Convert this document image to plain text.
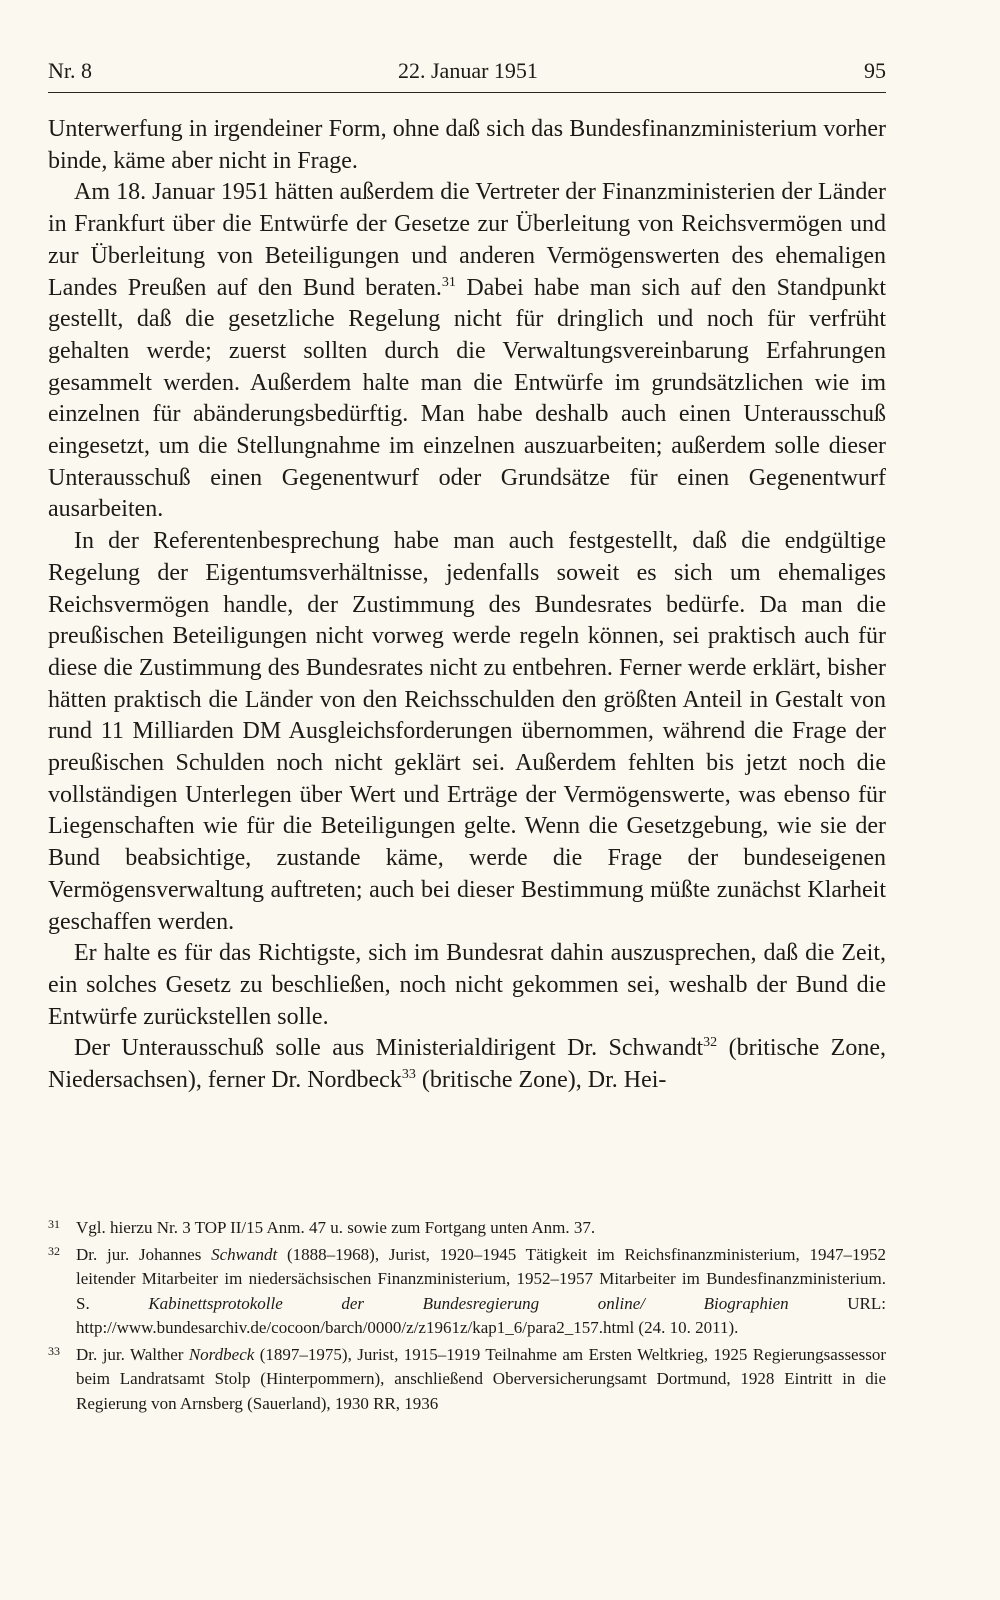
Nr. 8	22. Januar 1951	95

Unterwerfung in irgendeiner Form, ohne daß sich das Bundesfinanzministerium vorher binde, käme aber nicht in Frage.

Am 18. Januar 1951 hätten außerdem die Vertreter der Finanzministerien der Länder in Frankfurt über die Entwürfe der Gesetze zur Überleitung von Reichsvermögen und zur Überleitung von Beteiligungen und anderen Vermögenswerten des ehemaligen Landes Preußen auf den Bund beraten.$^{31}$ Dabei habe man sich auf den Standpunkt gestellt, daß die gesetzliche Regelung nicht für dringlich und noch für verfrüht gehalten werde; zuerst sollten durch die Verwaltungsvereinbarung Erfahrungen gesammelt werden. Außerdem halte man die Entwürfe im grundsätzlichen wie im einzelnen für abänderungsbedürftig. Man habe deshalb auch einen Unterausschuß eingesetzt, um die Stellungnahme im einzelnen auszuarbeiten; außerdem solle dieser Unterausschuß einen Gegenentwurf oder Grundsätze für einen Gegenentwurf ausarbeiten.

In der Referentenbesprechung habe man auch festgestellt, daß die endgültige Regelung der Eigentumsverhältnisse, jedenfalls soweit es sich um ehemaliges Reichsvermögen handle, der Zustimmung des Bundesrates bedürfe. Da man die preußischen Beteiligungen nicht vorweg werde regeln können, sei praktisch auch für diese die Zustimmung des Bundesrates nicht zu entbehren. Ferner werde erklärt, bisher hätten praktisch die Länder von den Reichsschulden den größten Anteil in Gestalt von rund 11 Milliarden DM Ausgleichsforderungen übernommen, während die Frage der preußischen Schulden noch nicht geklärt sei. Außerdem fehlten bis jetzt noch die vollständigen Unterlegen über Wert und Erträge der Vermögenswerte, was ebenso für Liegenschaften wie für die Beteiligungen gelte. Wenn die Gesetzgebung, wie sie der Bund beabsichtige, zustande käme, werde die Frage der bundeseigenen Vermögensverwaltung auftreten; auch bei dieser Bestimmung müßte zunächst Klarheit geschaffen werden.

Er halte es für das Richtigste, sich im Bundesrat dahin auszusprechen, daß die Zeit, ein solches Gesetz zu beschließen, noch nicht gekommen sei, weshalb der Bund die Entwürfe zurückstellen solle.

Der Unterausschuß solle aus Ministerialdirigent Dr. Schwandt$^{32}$ (britische Zone, Niedersachsen), ferner Dr. Nordbeck$^{33}$ (britische Zone), Dr. Hei-

31 Vgl. hierzu Nr. 3 TOP II/15 Anm. 47 u. sowie zum Fortgang unten Anm. 37.
32 Dr. jur. Johannes Schwandt (1888–1968), Jurist, 1920–1945 Tätigkeit im Reichsfinanzministerium, 1947–1952 leitender Mitarbeiter im niedersächsischen Finanzministerium, 1952–1957 Mitarbeiter im Bundesfinanzministerium. S. Kabinettsprotokolle der Bundesregierung online/ Biographien URL: http://www.bundesarchiv.de/cocoon/barch/0000/z/z1961z/kap1_6/para2_157.html (24. 10. 2011).
33 Dr. jur. Walther Nordbeck (1897–1975), Jurist, 1915–1919 Teilnahme am Ersten Weltkrieg, 1925 Regierungsassessor beim Landratsamt Stolp (Hinterpommern), anschließend Oberversicherungsamt Dortmund, 1928 Eintritt in die Regierung von Arnsberg (Sauerland), 1930 RR, 1936
